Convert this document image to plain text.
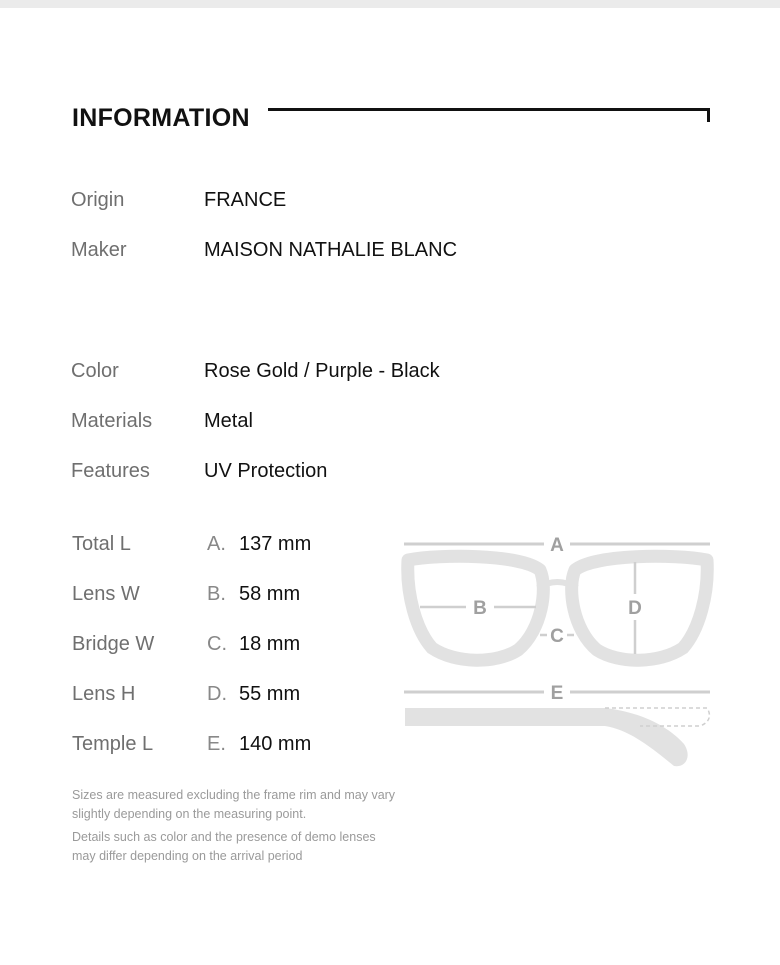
INFORMATION
Origin	FRANCE
Maker	MAISON NATHALIE BLANC
Color	Rose Gold / Purple - Black
Materials	Metal
Features	UV Protection
Total L	A. 137 mm
Lens W	B. 58 mm
Bridge W	C. 18 mm
Lens H	D. 55 mm
Temple L	E. 140 mm
Sizes are measured excluding the frame rim and may vary slightly depending on the measuring point.
Details such as color and the presence of demo lenses may differ depending on the arrival period
A
B
C
D
E
